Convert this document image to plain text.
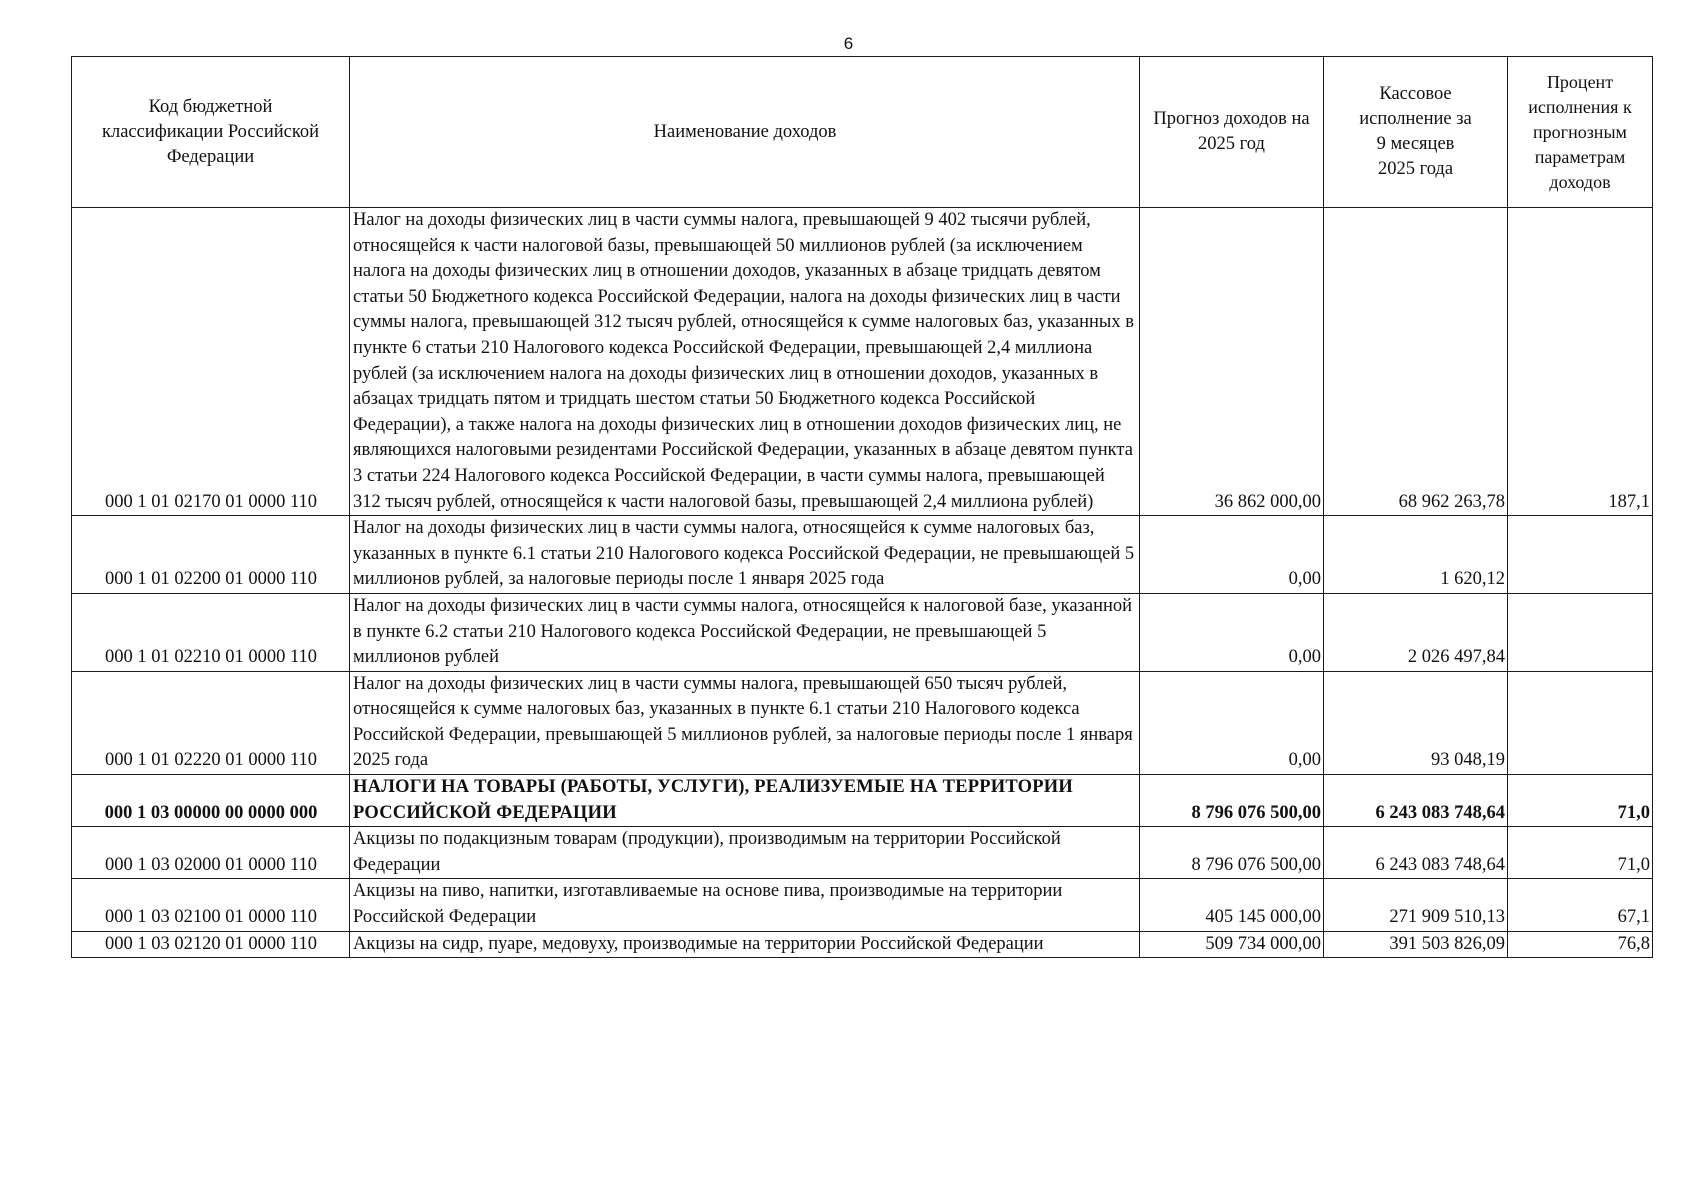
6
Код бюджетной классификации Российской Федерации	Наименование доходов	Прогноз доходов на 2025 год	Кассовое исполнение за 9 месяцев 2025 года	Процент исполнения к прогнозным параметрам доходов
000 1 01 02170 01 0000 110	Налог на доходы физических лиц в части суммы налога, превышающей 9 402 тысячи рублей, относящейся к части налоговой базы, превышающей 50 миллионов рублей (за исключением налога на доходы физических лиц в отношении доходов, указанных в абзаце тридцать девятом статьи 50 Бюджетного кодекса Российской Федерации, налога на доходы физических лиц в части суммы налога, превышающей 312 тысяч рублей, относящейся к сумме налоговых баз, указанных в пункте 6 статьи 210 Налогового кодекса Российской Федерации, превышающей 2,4 миллиона рублей (за исключением налога на доходы физических лиц в отношении доходов, указанных в абзацах тридцать пятом и тридцать шестом статьи 50 Бюджетного кодекса Российской Федерации), а также налога на доходы физических лиц в отношении доходов физических лиц, не являющихся налоговыми резидентами Российской Федерации, указанных в абзаце девятом пункта 3 статьи 224 Налогового кодекса Российской Федерации, в части суммы налога, превышающей 312 тысяч рублей, относящейся к части налоговой базы, превышающей 2,4 миллиона рублей)	36 862 000,00	68 962 263,78	187,1
000 1 01 02200 01 0000 110	Налог на доходы физических лиц в части суммы налога, относящейся к сумме налоговых баз, указанных в пункте 6.1 статьи 210 Налогового кодекса Российской Федерации, не превышающей 5 миллионов рублей, за налоговые периоды после 1 января 2025 года	0,00	1 620,12	
000 1 01 02210 01 0000 110	Налог на доходы физических лиц в части суммы налога, относящейся к налоговой базе, указанной в пункте 6.2 статьи 210 Налогового кодекса Российской Федерации, не превышающей 5 миллионов рублей	0,00	2 026 497,84	
000 1 01 02220 01 0000 110	Налог на доходы физических лиц в части суммы налога, превышающей 650 тысяч рублей, относящейся к сумме налоговых баз, указанных в пункте 6.1 статьи 210 Налогового кодекса Российской Федерации, превышающей 5 миллионов рублей, за налоговые периоды после 1 января 2025 года	0,00	93 048,19	
000 1 03 00000 00 0000 000	НАЛОГИ НА ТОВАРЫ (РАБОТЫ, УСЛУГИ), РЕАЛИЗУЕМЫЕ НА ТЕРРИТОРИИ РОССИЙСКОЙ ФЕДЕРАЦИИ	8 796 076 500,00	6 243 083 748,64	71,0
000 1 03 02000 01 0000 110	Акцизы по подакцизным товарам (продукции), производимым на территории Российской Федерации	8 796 076 500,00	6 243 083 748,64	71,0
000 1 03 02100 01 0000 110	Акцизы на пиво, напитки, изготавливаемые на основе пива, производимые на территории Российской Федерации	405 145 000,00	271 909 510,13	67,1
000 1 03 02120 01 0000 110	Акцизы на сидр, пуаре, медовуху, производимые на территории Российской Федерации	509 734 000,00	391 503 826,09	76,8
